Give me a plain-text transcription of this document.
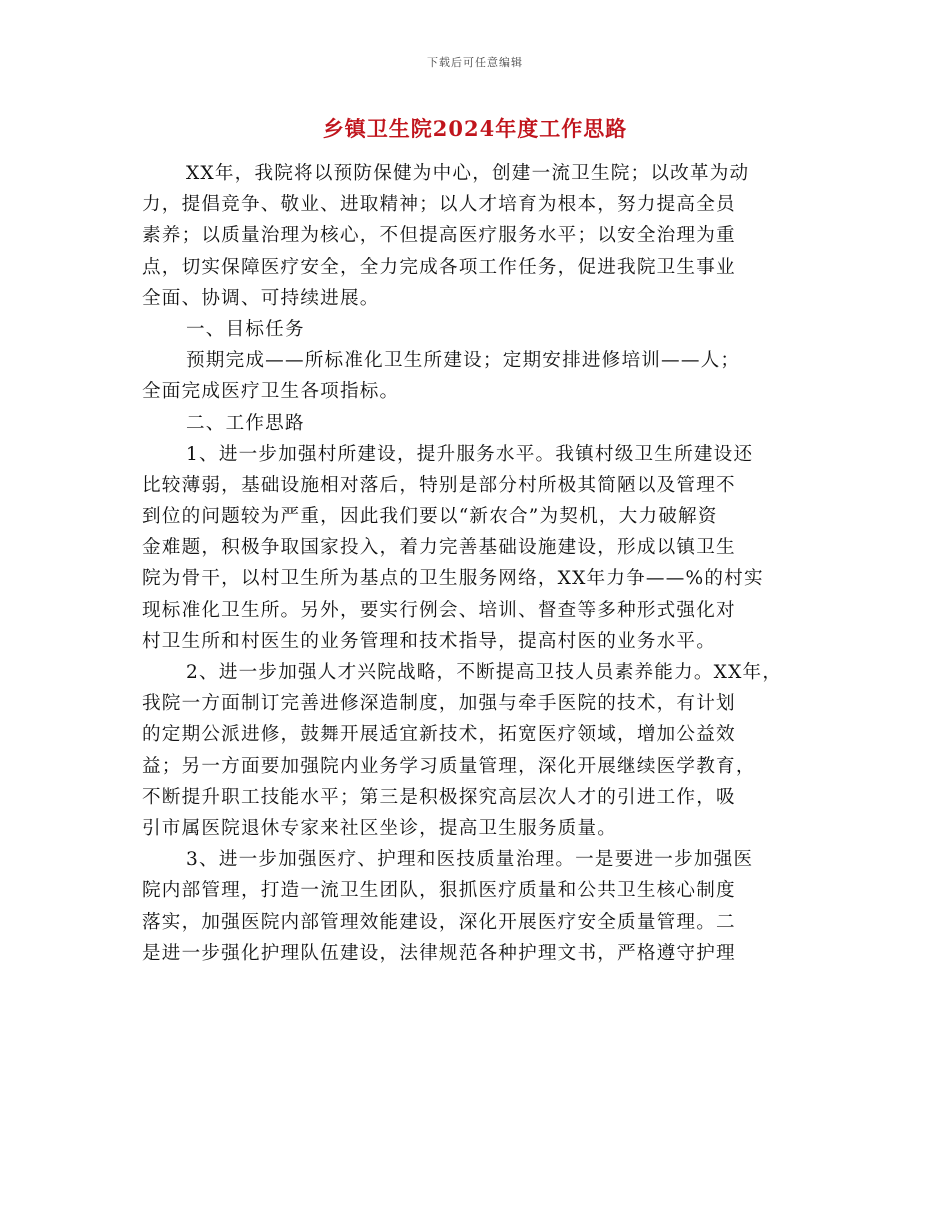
下载后可任意编辑
乡镇卫生院2024年度工作思路
XX年，我院将以预防保健为中心，创建一流卫生院；以改革为动
力，提倡竞争、敬业、进取精神；以人才培育为根本，努力提高全员
素养；以质量治理为核心，不但提高医疗服务水平；以安全治理为重
点，切实保障医疗安全，全力完成各项工作任务，促进我院卫生事业
全面、协调、可持续进展。
一、目标任务
预期完成——所标准化卫生所建设；定期安排进修培训——人；
全面完成医疗卫生各项指标。
二、工作思路
1、进一步加强村所建设，提升服务水平。我镇村级卫生所建设还
比较薄弱，基础设施相对落后，特别是部分村所极其简陋以及管理不
到位的问题较为严重，因此我们要以“新农合”为契机，大力破解资
金难题，积极争取国家投入，着力完善基础设施建设，形成以镇卫生
院为骨干，以村卫生所为基点的卫生服务网络，XX年力争——%的村实
现标准化卫生所。另外，要实行例会、培训、督查等多种形式强化对
村卫生所和村医生的业务管理和技术指导，提高村医的业务水平。
2、进一步加强人才兴院战略，不断提高卫技人员素养能力。XX年，
我院一方面制订完善进修深造制度，加强与牵手医院的技术，有计划
的定期公派进修，鼓舞开展适宜新技术，拓宽医疗领域，增加公益效
益；另一方面要加强院内业务学习质量管理，深化开展继续医学教育，
不断提升职工技能水平；第三是积极探究高层次人才的引进工作，吸
引市属医院退休专家来社区坐诊，提高卫生服务质量。
3、进一步加强医疗、护理和医技质量治理。一是要进一步加强医
院内部管理，打造一流卫生团队，狠抓医疗质量和公共卫生核心制度
落实，加强医院内部管理效能建设，深化开展医疗安全质量管理。二
是进一步强化护理队伍建设，法律规范各种护理文书，严格遵守护理
